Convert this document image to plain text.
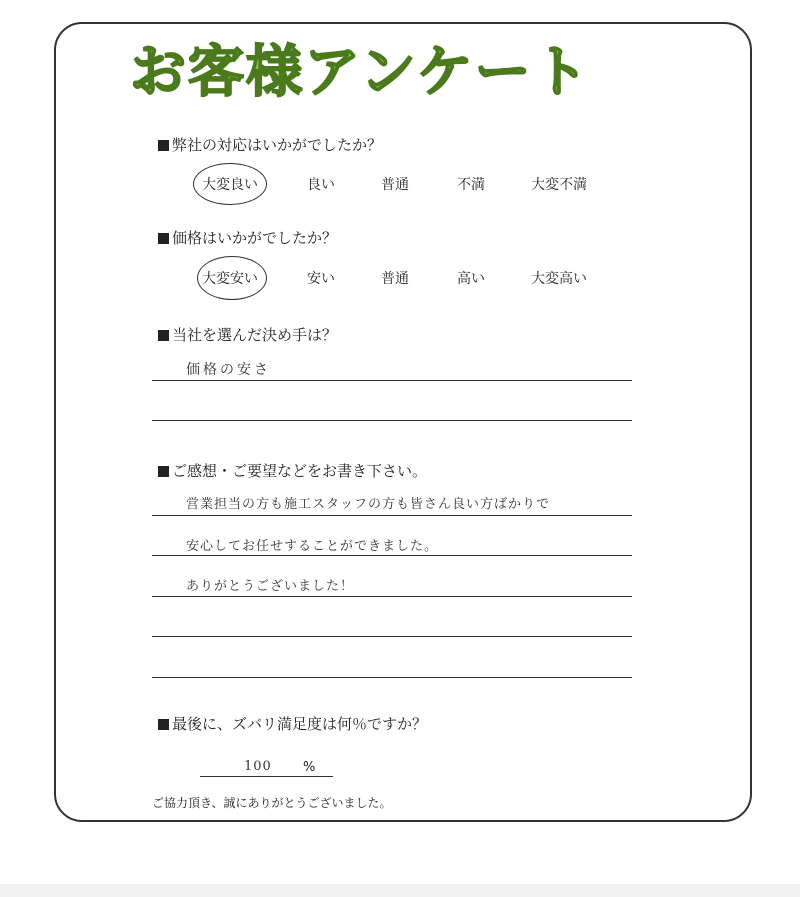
お客様アンケート
弊社の対応はいかがでしたか？
大変良い	良い	普通	不満	大変不満
価格はいかがでしたか？
大変安い	安い	普通	高い	大変高い
当社を選んだ決め手は？
価格の安さ
ご感想・ご要望などをお書き下さい。
営業担当の方も施工スタッフの方も皆さん良い方ばかりで
安心してお任せすることができました。
ありがとうございました！
最後に、ズバリ満足度は何％ですか？
100 %
ご協力頂き、誠にありがとうございました。
